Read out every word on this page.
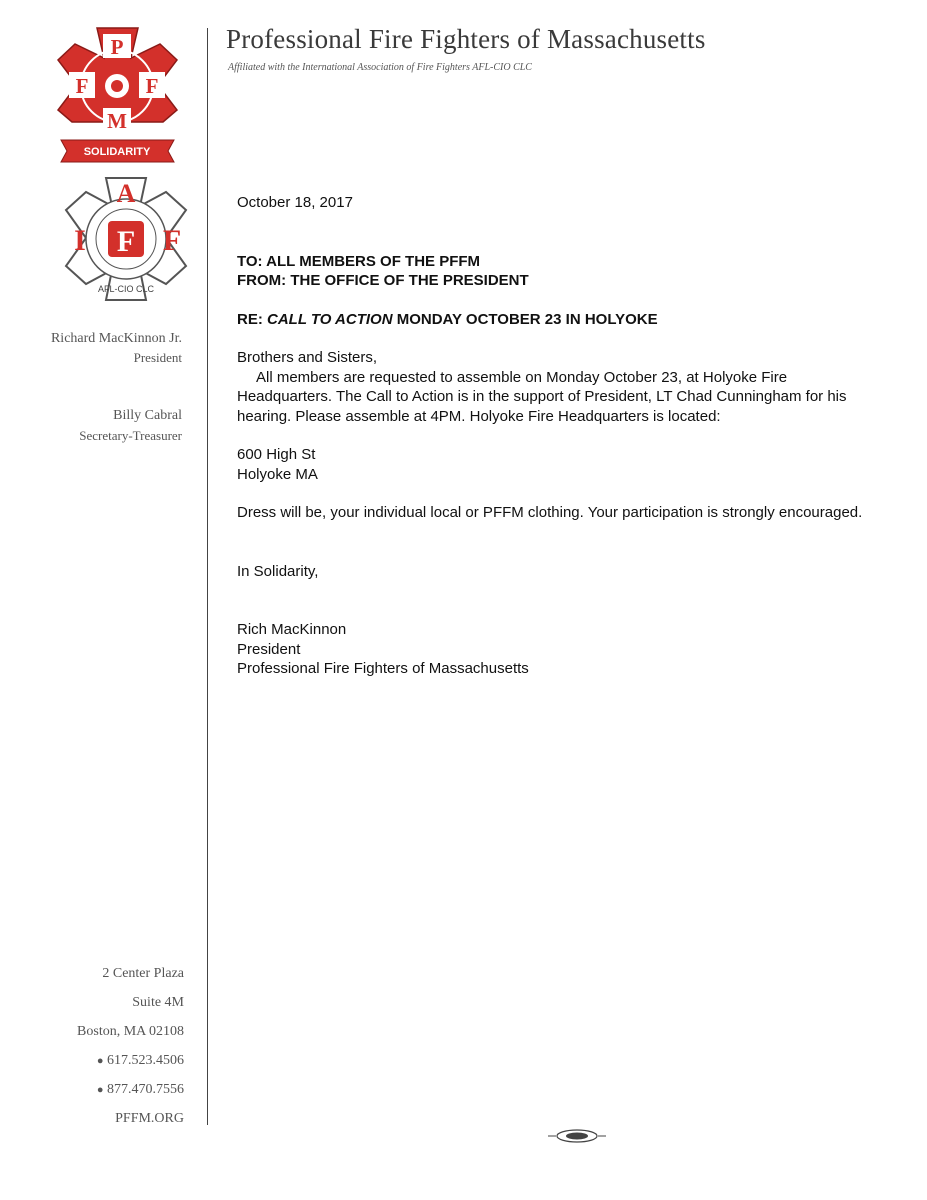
Professional Fire Fighters of Massachusetts
Affiliated with the International Association of Fire Fighters AFL-CIO CLC
P
F	F
M
SOLIDARITY
F
A
I	F
AFL-CIO CLC
Richard MacKinnon Jr.
President
Billy Cabral
Secretary-Treasurer
2 Center Plaza
Suite 4M
Boston, MA 02108
● 617.523.4506
● 877.470.7556
PFFM.ORG

October 18, 2017

TO: ALL MEMBERS OF THE PFFM

FROM: THE OFFICE OF THE PRESIDENT

RE: CALL TO ACTION MONDAY OCTOBER 23 IN HOLYOKE

Brothers and Sisters,

All members are requested to assemble on Monday October 23, at Holyoke Fire Headquarters. The Call to Action is in the support of President, LT Chad Cunningham for his hearing. Please assemble at 4PM. Holyoke Fire Headquarters is located:

600 High St

Holyoke MA

Dress will be, your individual local or PFFM clothing. Your participation is strongly encouraged.

In Solidarity,

Rich MacKinnon

President

Professional Fire Fighters of Massachusetts
